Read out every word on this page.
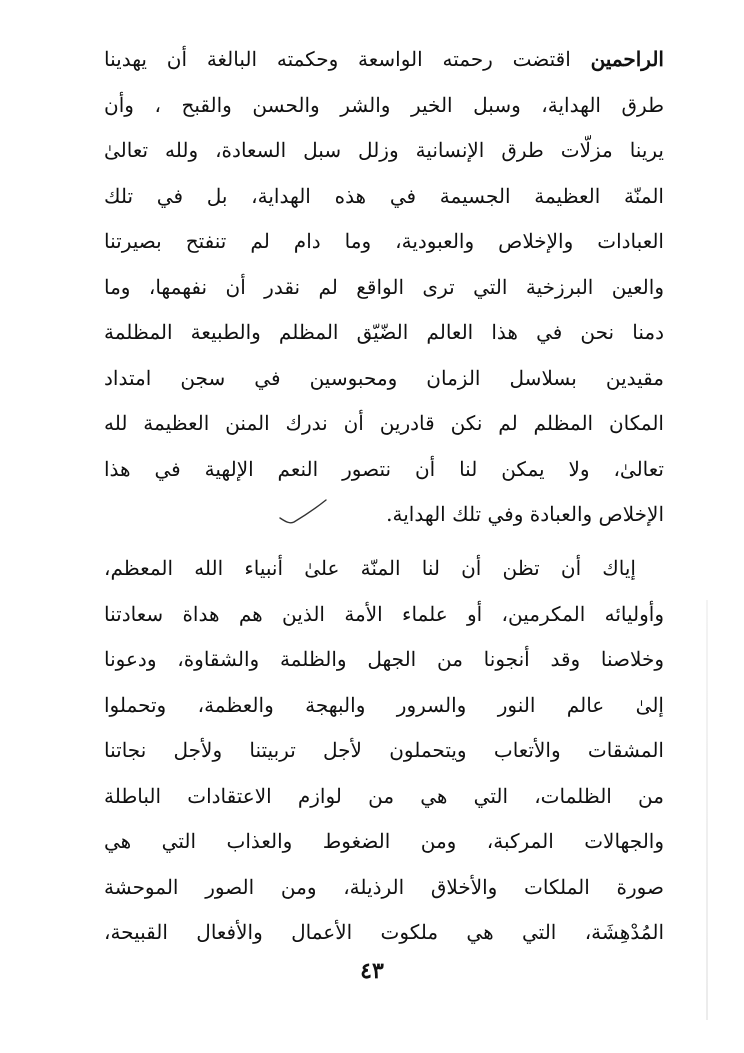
الراحمين اقتضت رحمته الواسعة وحكمته البالغة أن يهدينا
طرق الهداية، وسبل الخير والشر والحسن والقبح ، وأن
يرينا مزلّات طرق الإنسانية وزلل سبل السعادة، ولله تعالىٰ
المنّة العظيمة الجسيمة في هذه الهداية، بل في تلك
العبادات والإخلاص والعبودية، وما دام لم تنفتح بصيرتنا
والعين البرزخية التي ترى الواقع لم نقدر أن نفهمها، وما
دمنا نحن في هذا العالم الضّيّق المظلم والطبيعة المظلمة
مقيدين بسلاسل الزمان ومحبوسين في سجن امتداد
المكان المظلم لم نكن قادرين أن ندرك المنن العظيمة لله
تعالىٰ، ولا يمكن لنا أن نتصور النعم الإلهية في هذا
الإخلاص والعبادة وفي تلك الهداية.
إياك أن تظن أن لنا المنّة علىٰ أنبياء الله المعظم،
وأوليائه المكرمين، أو علماء الأمة الذين هم هداة سعادتنا
وخلاصنا وقد أنجونا من الجهل والظلمة والشقاوة، ودعونا
إلىٰ عالم النور والسرور والبهجة والعظمة، وتحملوا
المشقات والأتعاب ويتحملون لأجل تربيتنا ولأجل نجاتنا
من الظلمات، التي هي من لوازم الاعتقادات الباطلة
والجهالات المركبة، ومن الضغوط والعذاب التي هي
صورة الملكات والأخلاق الرذيلة، ومن الصور الموحشة
المُدْهِشَة، التي هي ملكوت الأعمال والأفعال القبيحة،
٤٣
